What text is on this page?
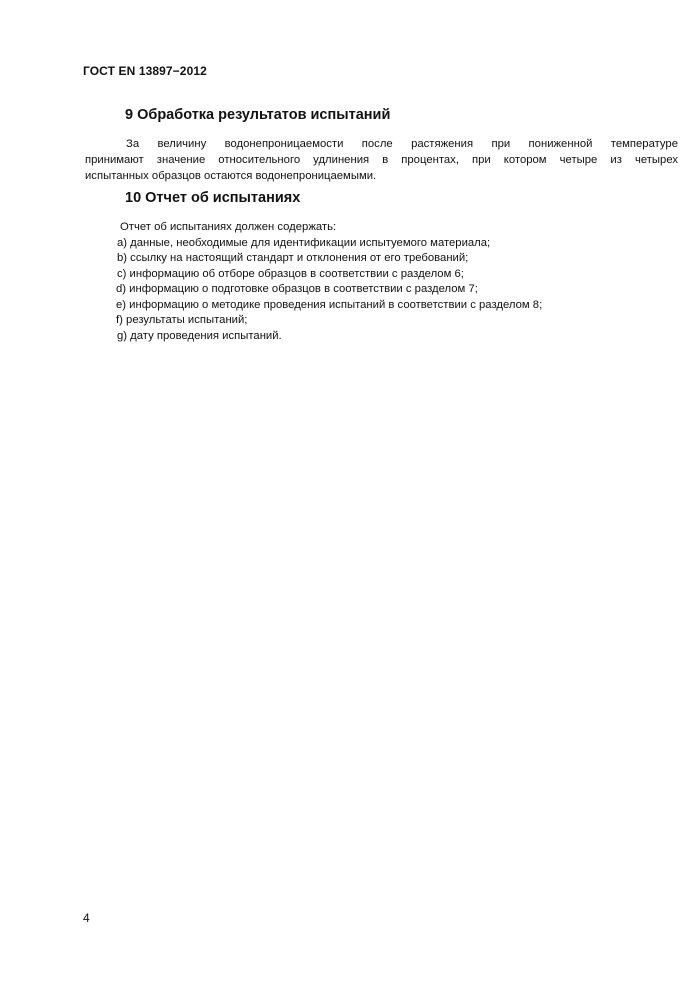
ГОСТ EN 13897−2012
9 Обработка результатов испытаний
За величину водонепроницаемости после растяжения при пониженной температуре
принимают значение относительного удлинения в процентах, при котором четыре из четырех
испытанных образцов остаются водонепроницаемыми.
10 Отчет об испытаниях
Отчет об испытаниях должен содержать:
a) данные, необходимые для идентификации испытуемого материала;
b) ссылку на настоящий стандарт и отклонения от его требований;
c) информацию об отборе образцов в соответствии с разделом 6;
d) информацию о подготовке образцов в соответствии с разделом 7;
e) информацию о методике проведения испытаний в соответствии с разделом 8;
f) результаты испытаний;
g) дату проведения испытаний.
4
